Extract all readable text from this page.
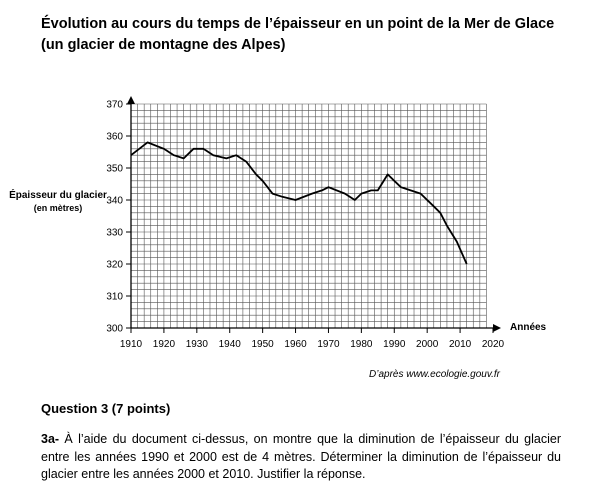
Évolution au cours du temps de l’épaisseur en un point de la Mer de Glace (un glacier de montagne des Alpes)
300
310
320
330
340
350
360
370
1910 1920 1930 1940 1950 1960 1970 1980 1990 2000 2010 2020
Années
Épaisseur du glacier
(en mètres)
D’après www.ecologie.gouv.fr
Question 3 (7 points)
3a- À l’aide du document ci-dessus, on montre que la diminution de l’épaisseur du glacier entre les années 1990 et 2000 est de 4 mètres. Déterminer la diminution de l’épaisseur du glacier entre les années 2000 et 2010. Justifier la réponse.
